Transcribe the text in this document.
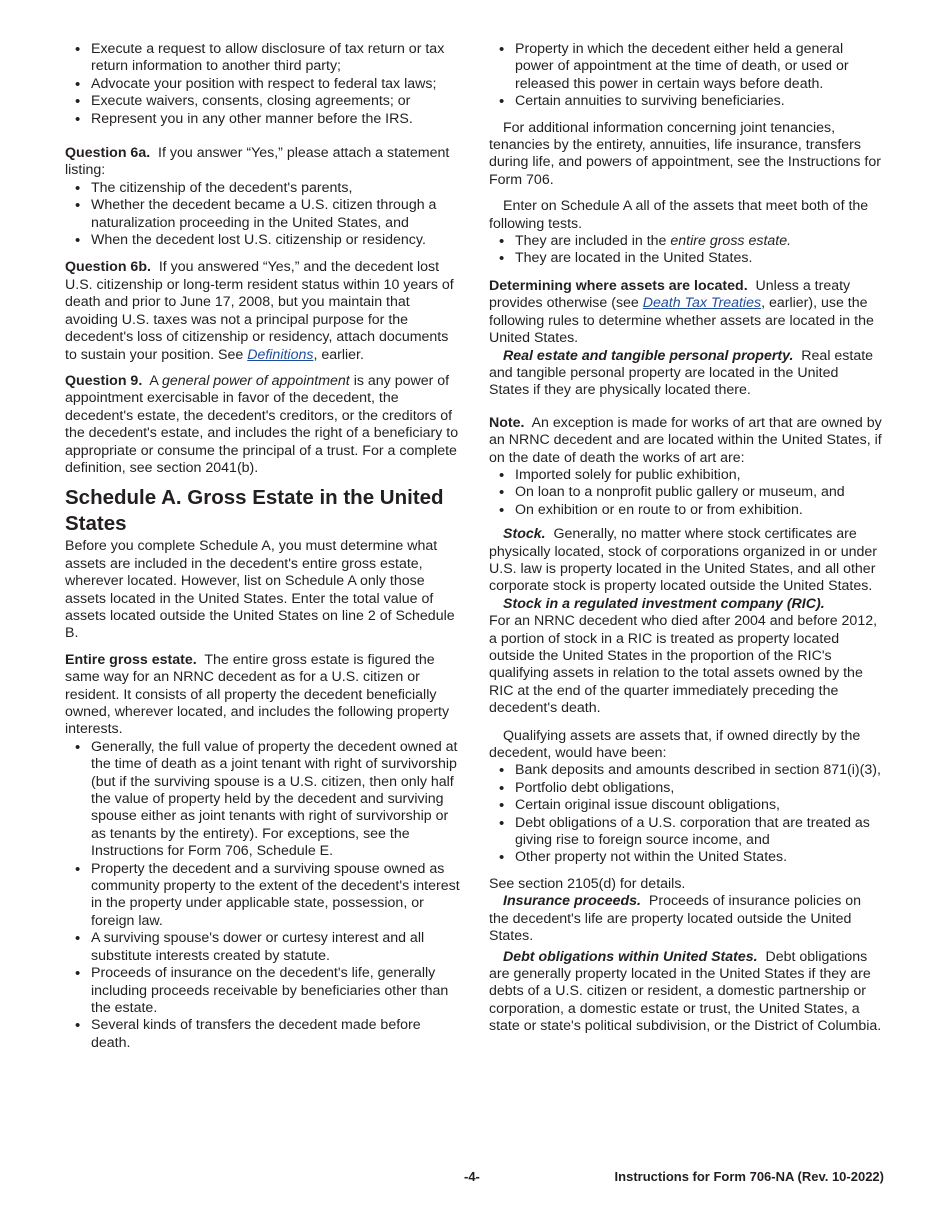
• Execute a request to allow disclosure of tax return or tax return information to another third party;
• Advocate your position with respect to federal tax laws;
• Execute waivers, consents, closing agreements; or
• Represent you in any other manner before the IRS.

Question 6a. If you answer “Yes,” please attach a statement listing:

• The citizenship of the decedent's parents,
• Whether the decedent became a U.S. citizen through a naturalization proceeding in the United States, and
• When the decedent lost U.S. citizenship or residency.

Question 6b. If you answered “Yes,” and the decedent lost U.S. citizenship or long-term resident status within 10 years of death and prior to June 17, 2008, but you maintain that avoiding U.S. taxes was not a principal purpose for the decedent's loss of citizenship or residency, attach documents to sustain your position. See Definitions, earlier.

Question 9. A general power of appointment is any power of appointment exercisable in favor of the decedent, the decedent's estate, the decedent's creditors, or the creditors of the decedent's estate, and includes the right of a beneficiary to appropriate or consume the principal of a trust. For a complete definition, see section 2041(b).

Schedule A. Gross Estate in the United States

Before you complete Schedule A, you must determine what assets are included in the decedent's entire gross estate, wherever located. However, list on Schedule A only those assets located in the United States. Enter the total value of assets located outside the United States on line 2 of Schedule B.

Entire gross estate. The entire gross estate is figured the same way for an NRNC decedent as for a U.S. citizen or resident. It consists of all property the decedent beneficially owned, wherever located, and includes the following property interests.

• Generally, the full value of property the decedent owned at the time of death as a joint tenant with right of survivorship (but if the surviving spouse is a U.S. citizen, then only half the value of property held by the decedent and surviving spouse either as joint tenants with right of survivorship or as tenants by the entirety). For exceptions, see the Instructions for Form 706, Schedule E.
• Property the decedent and a surviving spouse owned as community property to the extent of the decedent's interest in the property under applicable state, possession, or foreign law.
• A surviving spouse's dower or curtesy interest and all substitute interests created by statute.
• Proceeds of insurance on the decedent's life, generally including proceeds receivable by beneficiaries other than the estate.
• Several kinds of transfers the decedent made before death.
• Property in which the decedent either held a general power of appointment at the time of death, or used or released this power in certain ways before death.
• Certain annuities to surviving beneficiaries.

For additional information concerning joint tenancies, tenancies by the entirety, annuities, life insurance, transfers during life, and powers of appointment, see the Instructions for Form 706.

Enter on Schedule A all of the assets that meet both of the following tests.

• They are included in the entire gross estate.
• They are located in the United States.

Determining where assets are located. Unless a treaty provides otherwise (see Death Tax Treaties, earlier), use the following rules to determine whether assets are located in the United States.

Real estate and tangible personal property. Real estate and tangible personal property are located in the United States if they are physically located there.

Note. An exception is made for works of art that are owned by an NRNC decedent and are located within the United States, if on the date of death the works of art are:

• Imported solely for public exhibition,
• On loan to a nonprofit public gallery or museum, and
• On exhibition or en route to or from exhibition.

Stock. Generally, no matter where stock certificates are physically located, stock of corporations organized in or under U.S. law is property located in the United States, and all other corporate stock is property located outside the United States.

Stock in a regulated investment company (RIC).
For an NRNC decedent who died after 2004 and before 2012, a portion of stock in a RIC is treated as property located outside the United States in the proportion of the RIC's qualifying assets in relation to the total assets owned by the RIC at the end of the quarter immediately preceding the decedent's death.

Qualifying assets are assets that, if owned directly by the decedent, would have been:

• Bank deposits and amounts described in section 871(i)(3),
• Portfolio debt obligations,
• Certain original issue discount obligations,
• Debt obligations of a U.S. corporation that are treated as giving rise to foreign source income, and
• Other property not within the United States.

See section 2105(d) for details.

Insurance proceeds. Proceeds of insurance policies on the decedent's life are property located outside the United States.

Debt obligations within United States. Debt obligations are generally property located in the United States if they are debts of a U.S. citizen or resident, a domestic partnership or corporation, a domestic estate or trust, the United States, a state or state's political subdivision, or the District of Columbia.

-4-	Instructions for Form 706-NA (Rev. 10-2022)
